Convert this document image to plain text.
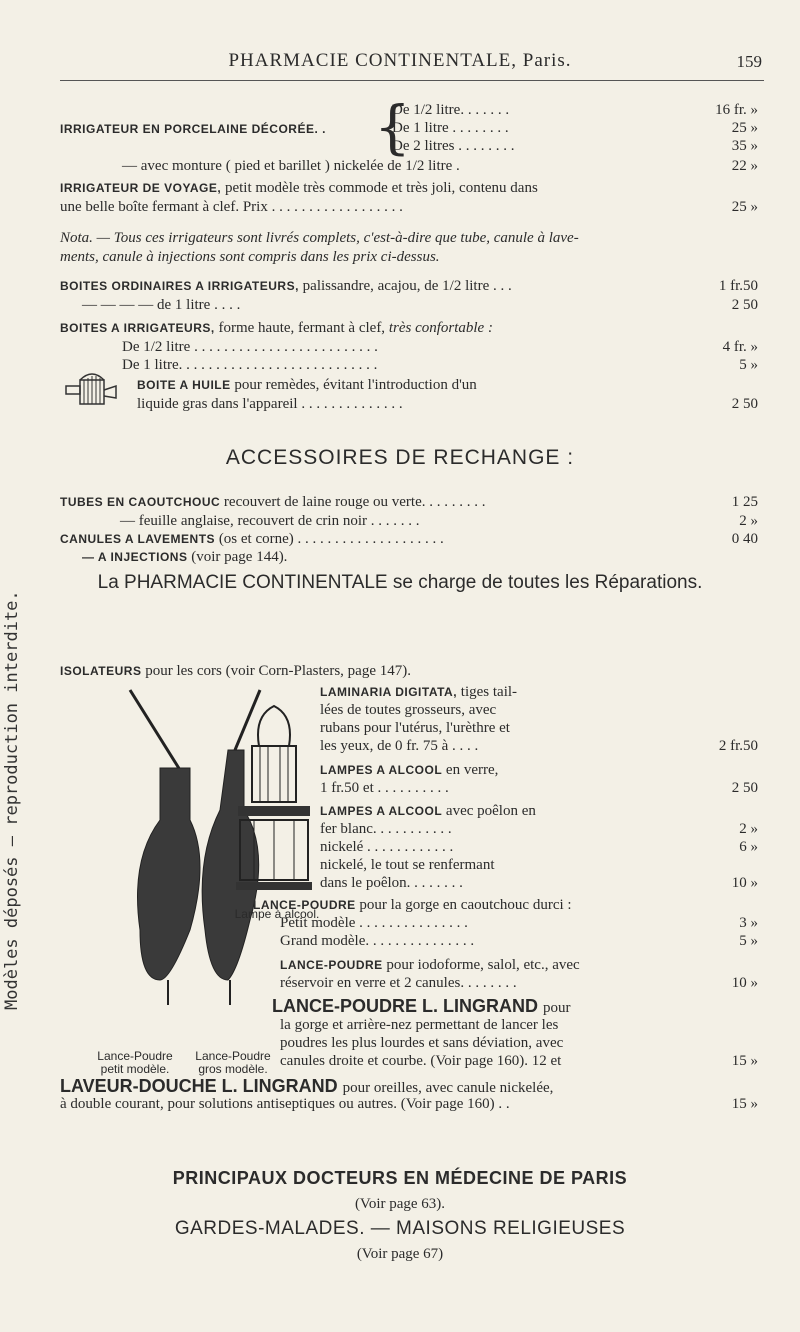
PHARMACIE CONTINENTALE, Paris.	159
Modèles déposés — reproduction interdite.
IRRIGATEUR EN PORCELAINE DÉCORÉE. . {
De 1/2 litre. . . . . . .	16 fr. »
De 1 litre . . . . . . . .	25 »
De 2 litres . . . . . . . .	35 »
— avec monture ( pied et barillet ) nickelée de 1/2 litre .	22 »
IRRIGATEUR DE VOYAGE, petit modèle très commode et très joli, contenu dans
une belle boîte fermant à clef. Prix . . . . . . . . . . . . . . . . . .	25 »
Nota. — Tous ces irrigateurs sont livrés complets, c'est-à-dire que tube, canule à lave-
ments, canule à injections sont compris dans les prix ci-dessus.
BOITES ORDINAIRES A IRRIGATEURS, palissandre, acajou, de 1/2 litre . . .	1 fr.50
— — — — de 1 litre . . . .	2 50
BOITES A IRRIGATEURS, forme haute, fermant à clef, très confortable :
De 1/2 litre . . . . . . . . . . . . . . . . . . . . . . . . .	4 fr. »
De 1 litre. . . . . . . . . . . . . . . . . . . . . . . . . . .	5 »
BOITE A HUILE pour remèdes, évitant l'introduction d'un
liquide gras dans l'appareil . . . . . . . . . . . . . .	2 50
ACCESSOIRES DE RECHANGE :
TUBES EN CAOUTCHOUC recouvert de laine rouge ou verte. . . . . . . . .	1 25
— feuille anglaise, recouvert de crin noir . . . . . . .	2 »
CANULES A LAVEMENTS (os et corne) . . . . . . . . . . . . . . . . . . . .	0 40
— A INJECTIONS (voir page 144).
La PHARMACIE CONTINENTALE se charge de toutes les Réparations.
ISOLATEURS pour les cors (voir Corn-Plasters, page 147).
Lampe à alcool.
Lance-Poudre
petit modèle.
Lance-Poudre
gros modèle.
LAMINARIA DIGITATA, tiges tail-
lées de toutes grosseurs, avec
rubans pour l'utérus, l'urèthre et
les yeux, de 0 fr. 75 à . . . .	2 fr.50
LAMPES A ALCOOL en verre,
1 fr.50 et . . . . . . . . . .	2 50
LAMPES A ALCOOL avec poêlon en
fer blanc. . . . . . . . . . .	2 »
nickelé . . . . . . . . . . . .	6 »
nickelé, le tout se renfermant
dans le poêlon. . . . . . . .	10 »
LANCE-POUDRE pour la gorge en caoutchouc durci :
Petit modèle . . . . . . . . . . . . . . .	3 »
Grand modèle. . . . . . . . . . . . . . .	5 »
LANCE-POUDRE pour iodoforme, salol, etc., avec
réservoir en verre et 2 canules. . . . . . . .	10 »
LANCE-POUDRE L. LINGRAND pour
la gorge et arrière-nez permettant de lancer les
poudres les plus lourdes et sans déviation, avec
canules droite et courbe. (Voir page 160). 12 et	15 »
LAVEUR-DOUCHE L. LINGRAND pour oreilles, avec canule nickelée,
à double courant, pour solutions antiseptiques ou autres. (Voir page 160) . .	15 »
PRINCIPAUX DOCTEURS EN MÉDECINE DE PARIS
(Voir page 63).
GARDES-MALADES. — MAISONS RELIGIEUSES
(Voir page 67)
